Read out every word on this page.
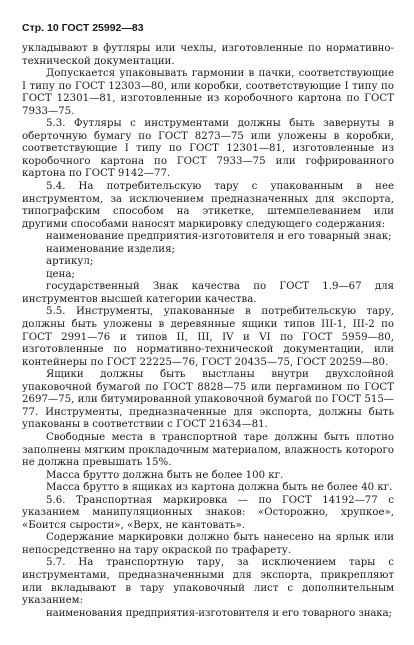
Стр. 10 ГОСТ 25992—83

укладывают в футляры или чехлы, изготовленные по нормативно-технической документации.

Допускается упаковывать гармонии в пачки, соответствующие I типу по ГОСТ 12303—80, или коробки, соответствующие I типу по ГОСТ 12301—81, изготовленные из коробочного картона по ГОСТ 7933—75.

5.3. Футляры с инструментами должны быть завернуты в оберточную бумагу по ГОСТ 8273—75 или уложены в коробки, соответствующие I типу по ГОСТ 12301—81, изготовленные из коробочного картона по ГОСТ 7933—75 или гофрированного картона по ГОСТ 9142—77.

5.4. На потребительскую тару с упакованным в нее инструментом, за исключением предназначенных для экспорта, типографским способом на этикетке, штемпелеванием или другими способами наносят маркировку следующего содержания:

наименование предприятия-изготовителя и его товарный знак;

наименование изделия;

артикул;

цена;

государственный Знак качества по ГОСТ 1.9—67 для инструментов высшей категории качества.

5.5. Инструменты, упакованные в потребительскую тару, должны быть уложены в деревянные ящики типов III-1, III-2 по ГОСТ 2991—76 и типов II, III, IV и VI по ГОСТ 5959—80, изготовленные по нормативно-технической документации, или контейнеры по ГОСТ 22225—76, ГОСТ 20435—75, ГОСТ 20259—80.

Ящики должны быть выстланы внутри двухслойной упаковочной бумагой по ГОСТ 8828—75 или пергамином по ГОСТ 2697—75, или битумированной упаковочной бумагой по ГОСТ 515—77. Инструменты, предназначенные для экспорта, должны быть упакованы в соответствии с ГОСТ 21634—81.

Свободные места в транспортной таре должны быть плотно заполнены мягким прокладочным материалом, влажность которого не должна превышать 15%.

Масса брутто должна быть не более 100 кг.

Масса брутто в ящиках из картона должна быть не более 40 кг.

5.6. Транспортная маркировка — по ГОСТ 14192—77 с указанием манипуляционных знаков: «Осторожно, хрупкое», «Боится сырости», «Верх, не кантовать».

Содержание маркировки должно быть нанесено на ярлык или непосредственно на тару окраской по трафарету.

5.7. На транспортную тару, за исключением тары с инструментами, предназначенными для экспорта, прикрепляют или вкладывают в тару упаковочный лист с дополнительным указанием:

наименования предприятия-изготовителя и его товарного знака;
